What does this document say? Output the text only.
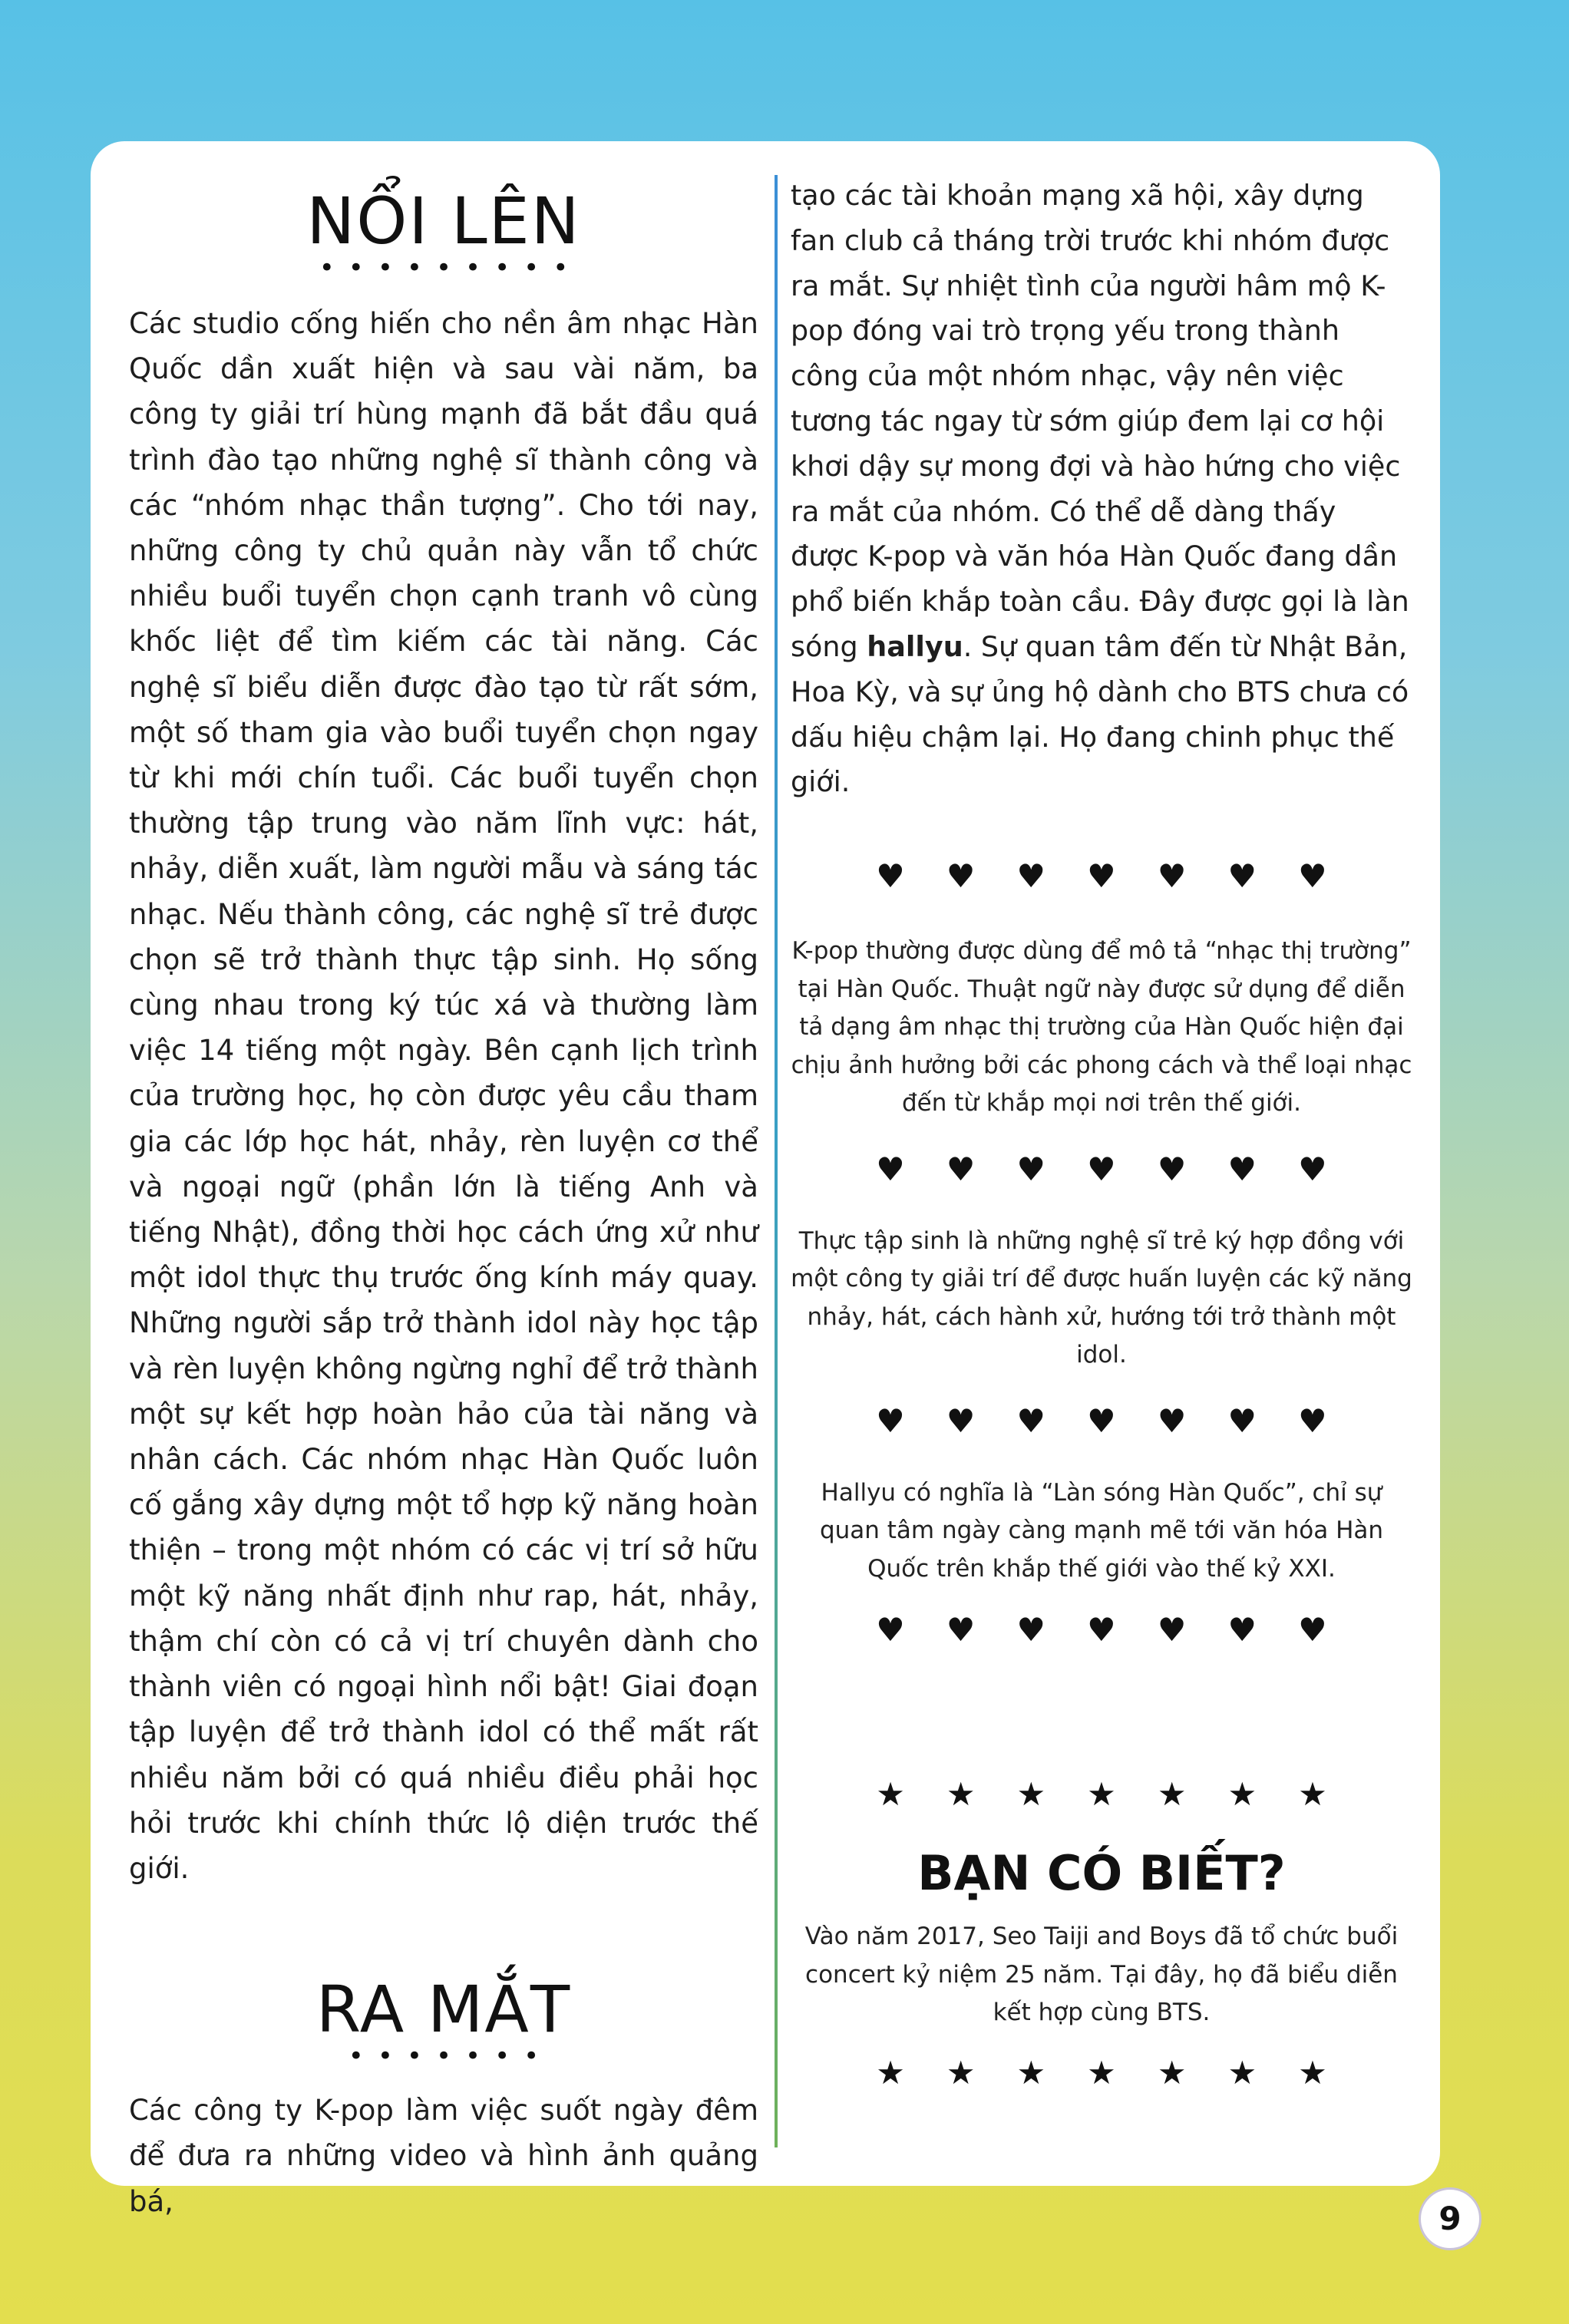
NỔI LÊN
•••••••••

Các studio cống hiến cho nền âm nhạc Hàn Quốc dần xuất hiện và sau vài năm, ba công ty giải trí hùng mạnh đã bắt đầu quá trình đào tạo những nghệ sĩ thành công và các “nhóm nhạc thần tượng”. Cho tới nay, những công ty chủ quản này vẫn tổ chức nhiều buổi tuyển chọn cạnh tranh vô cùng khốc liệt để tìm kiếm các tài năng. Các nghệ sĩ biểu diễn được đào tạo từ rất sớm, một số tham gia vào buổi tuyển chọn ngay từ khi mới chín tuổi. Các buổi tuyển chọn thường tập trung vào năm lĩnh vực: hát, nhảy, diễn xuất, làm người mẫu và sáng tác nhạc. Nếu thành công, các nghệ sĩ trẻ được chọn sẽ trở thành thực tập sinh. Họ sống cùng nhau trong ký túc xá và thường làm việc 14 tiếng một ngày. Bên cạnh lịch trình của trường học, họ còn được yêu cầu tham gia các lớp học hát, nhảy, rèn luyện cơ thể và ngoại ngữ (phần lớn là tiếng Anh và tiếng Nhật), đồng thời học cách ứng xử như một idol thực thụ trước ống kính máy quay. Những người sắp trở thành idol này học tập và rèn luyện không ngừng nghỉ để trở thành một sự kết hợp hoàn hảo của tài năng và nhân cách. Các nhóm nhạc Hàn Quốc luôn cố gắng xây dựng một tổ hợp kỹ năng hoàn thiện – trong một nhóm có các vị trí sở hữu một kỹ năng nhất định như rap, hát, nhảy, thậm chí còn có cả vị trí chuyên dành cho thành viên có ngoại hình nổi bật! Giai đoạn tập luyện để trở thành idol có thể mất rất nhiều năm bởi có quá nhiều điều phải học hỏi trước khi chính thức lộ diện trước thế giới.

RA MẮT
•••••••

Các công ty K-pop làm việc suốt ngày đêm để đưa ra những video và hình ảnh quảng bá,

tạo các tài khoản mạng xã hội, xây dựng fan club cả tháng trời trước khi nhóm được ra mắt. Sự nhiệt tình của người hâm mộ K-pop đóng vai trò trọng yếu trong thành công của một nhóm nhạc, vậy nên việc tương tác ngay từ sớm giúp đem lại cơ hội khơi dậy sự mong đợi và hào hứng cho việc ra mắt của nhóm. Có thể dễ dàng thấy được K-pop và văn hóa Hàn Quốc đang dần phổ biến khắp toàn cầu. Đây được gọi là làn sóng hallyu. Sự quan tâm đến từ Nhật Bản, Hoa Kỳ, và sự ủng hộ dành cho BTS chưa có dấu hiệu chậm lại. Họ đang chinh phục thế giới.

♥♥♥♥♥♥♥

K-pop thường được dùng để mô tả “nhạc thị trường” tại Hàn Quốc. Thuật ngữ này được sử dụng để diễn tả dạng âm nhạc thị trường của Hàn Quốc hiện đại chịu ảnh hưởng bởi các phong cách và thể loại nhạc đến từ khắp mọi nơi trên thế giới.

♥♥♥♥♥♥♥

Thực tập sinh là những nghệ sĩ trẻ ký hợp đồng với một công ty giải trí để được huấn luyện các kỹ năng nhảy, hát, cách hành xử, hướng tới trở thành một idol.

♥♥♥♥♥♥♥

Hallyu có nghĩa là “Làn sóng Hàn Quốc”, chỉ sự quan tâm ngày càng mạnh mẽ tới văn hóa Hàn Quốc trên khắp thế giới vào thế kỷ XXI.

♥♥♥♥♥♥♥
★★★★★★★
BẠN CÓ BIẾT?

Vào năm 2017, Seo Taiji and Boys đã tổ chức buổi concert kỷ niệm 25 năm. Tại đây, họ đã biểu diễn kết hợp cùng BTS.

★★★★★★★
9
